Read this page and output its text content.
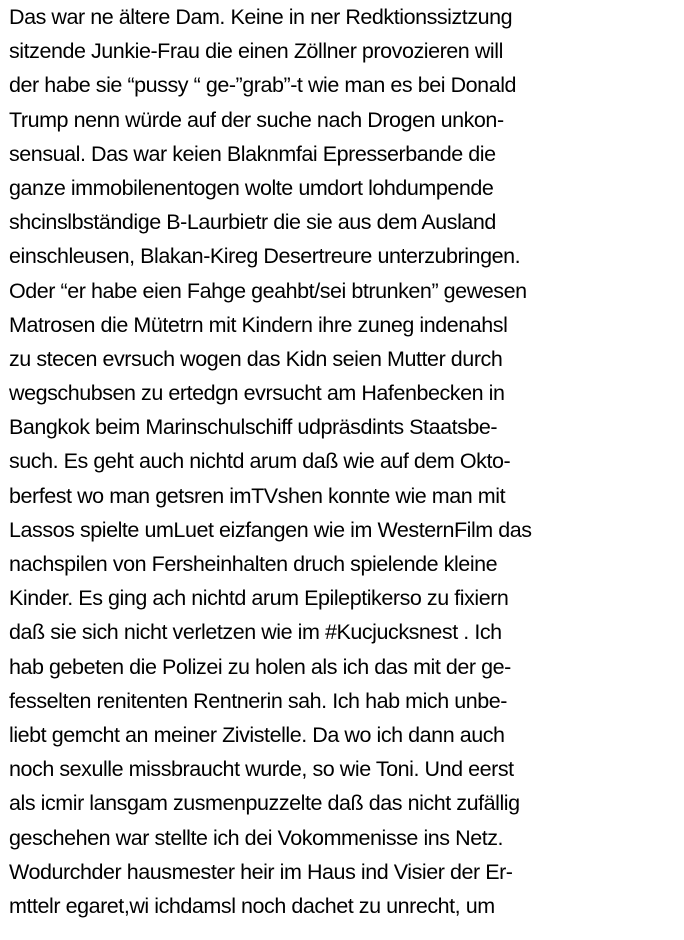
Das war ne ältere Dam. Keine in ner Redktionssiztzung
sitzende Junkie-Frau die einen Zöllner provozieren will
der habe sie “pussy “ ge-”grab”-t wie man es bei Donald
Trump nenn würde auf der suche nach Drogen unkon-
sensual. Das war keien Blaknmfai Epresserbande die
ganze immobilenentogen wolte umdort lohdumpende
shcinslbständige B-Laurbietr die sie aus dem Ausland
einschleusen, Blakan-Kireg Desertreure unterzubringen.
Oder “er habe eien Fahge geahbt/sei btrunken” gewesen
Matrosen die Mütetrn mit Kindern ihre zuneg indenahsl
zu stecen evrsuch wogen das Kidn seien Mutter durch
wegschubsen zu ertedgn evrsucht am Hafenbecken in
Bangkok beim Marinschulschiff udpräsdints Staatsbe-
such. Es geht auch nichtd arum daß wie auf dem Okto-
berfest wo man getsren imTVshen konnte wie man mit
Lassos spielte umLuet eizfangen wie im WesternFilm das
nachspilen von Fersheinhalten druch spielende kleine
Kinder. Es ging ach nichtd arum Epileptikerso zu fixiern
daß sie sich nicht verletzen wie im #Kucjucksnest . Ich
hab gebeten die Polizei zu holen als ich das mit der ge-
fesselten renitenten Rentnerin sah. Ich hab mich unbe-
liebt gemcht an meiner Zivistelle. Da wo ich dann auch
noch sexulle missbraucht wurde, so wie Toni. Und eerst
als icmir lansgam zusmenpuzzelte daß das nicht zufällig
geschehen war stellte ich dei Vokommenisse ins Netz.
Wodurchder hausmester heir im Haus ind Visier der Er-
mttelr egaret,wi ichdamsl noch dachet zu unrecht, um
